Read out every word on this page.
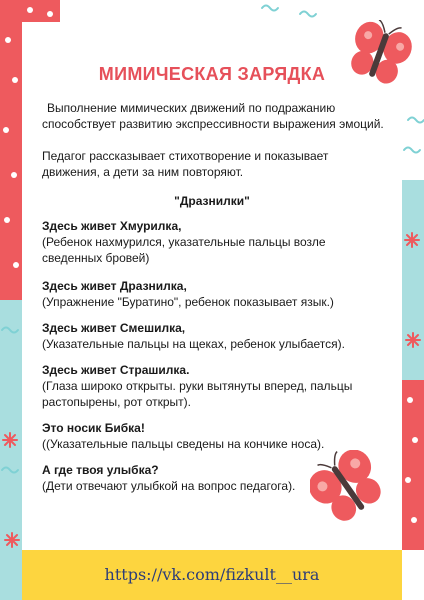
МИМИЧЕСКАЯ ЗАРЯДКА

Выполнение мимических движений по подражанию способствует развитию экспрессивности выражения эмоций.

Педагог рассказывает стихотворение и показывает движения, а дети за ним повторяют.

"Дразнилки"
Здесь живет Хмурилка,
(Ребенок нахмурился, указательные пальцы возле сведенных бровей)
Здесь живет Дразнилка,
(Упражнение "Буратино", ребенок показывает язык.)
Здесь живет Смешилка,
(Указательные пальцы на щеках, ребенок улыбается).
Здесь живет Страшилка.
(Глаза широко открыты. руки вытянуты вперед, пальцы растопырены, рот открыт).
Это носик Бибка!
((Указательные пальцы сведены на кончике носа).
А где твоя улыбка?
(Дети отвечают улыбкой на вопрос педагога).
https://vk.com/fizkult__ura
